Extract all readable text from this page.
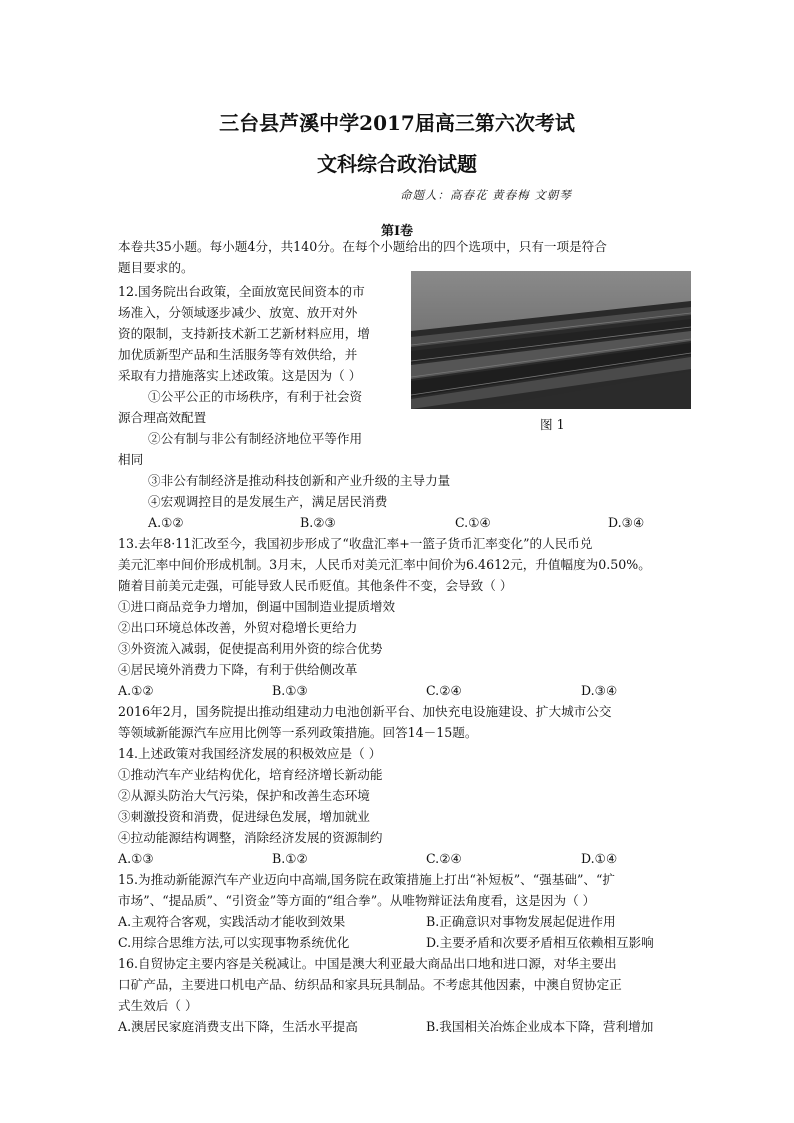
三台县芦溪中学2017届高三第六次考试
文科综合政治试题
命题人：高春花 黄春梅 文朝琴
第Ⅰ卷
本卷共35小题。每小题4分，共140分。在每个小题给出的四个选项中，只有一项是符合
题目要求的。
图 1
12.国务院出台政策，全面放宽民间资本的市
场准入，分领域逐步减少、放宽、放开对外
资的限制，支持新技术新工艺新材料应用，增
加优质新型产品和生活服务等有效供给，并
采取有力措施落实上述政策。这是因为（ ）
①公平公正的市场秩序，有利于社会资
源合理高效配置
②公有制与非公有制经济地位平等作用
相同
③非公有制经济是推动科技创新和产业升级的主导力量
④宏观调控目的是发展生产，满足居民消费
A.①②	B.②③	C.①④	D.③④
13.去年8·11汇改至今，我国初步形成了“收盘汇率+一篮子货币汇率变化”的人民币兑
美元汇率中间价形成机制。3月末，人民币对美元汇率中间价为6.4612元，升值幅度为0.50%。
随着目前美元走强，可能导致人民币贬值。其他条件不变，会导致（ ）
①进口商品竞争力增加，倒逼中国制造业提质增效
②出口环境总体改善，外贸对稳增长更给力
③外资流入减弱，促使提高利用外资的综合优势
④居民境外消费力下降，有利于供给侧改革
A.①②	B.①③	C.②④	D.③④
2016年2月，国务院提出推动组建动力电池创新平台、加快充电设施建设、扩大城市公交
等领域新能源汽车应用比例等一系列政策措施。回答14－15题。
14.上述政策对我国经济发展的积极效应是（ ）
①推动汽车产业结构优化，培育经济增长新动能
②从源头防治大气污染，保护和改善生态环境
③刺激投资和消费，促进绿色发展，增加就业
④拉动能源结构调整，消除经济发展的资源制约
A.①③	B.①②	C.②④	D.①④
15.为推动新能源汽车产业迈向中高端,国务院在政策措施上打出“补短板”、“强基础”、“扩
市场”、“提品质”、“引资金”等方面的“组合拳”。从唯物辩证法角度看，这是因为（ ）
A.主观符合客观，实践活动才能收到效果	B.正确意识对事物发展起促进作用
C.用综合思维方法,可以实现事物系统优化	D.主要矛盾和次要矛盾相互依赖相互影响
16.自贸协定主要内容是关税减让。中国是澳大利亚最大商品出口地和进口源，对华主要出
口矿产品，主要进口机电产品、纺织品和家具玩具制品。不考虑其他因素，中澳自贸协定正
式生效后（ ）
A.澳居民家庭消费支出下降，生活水平提高	B.我国相关冶炼企业成本下降，营利增加
